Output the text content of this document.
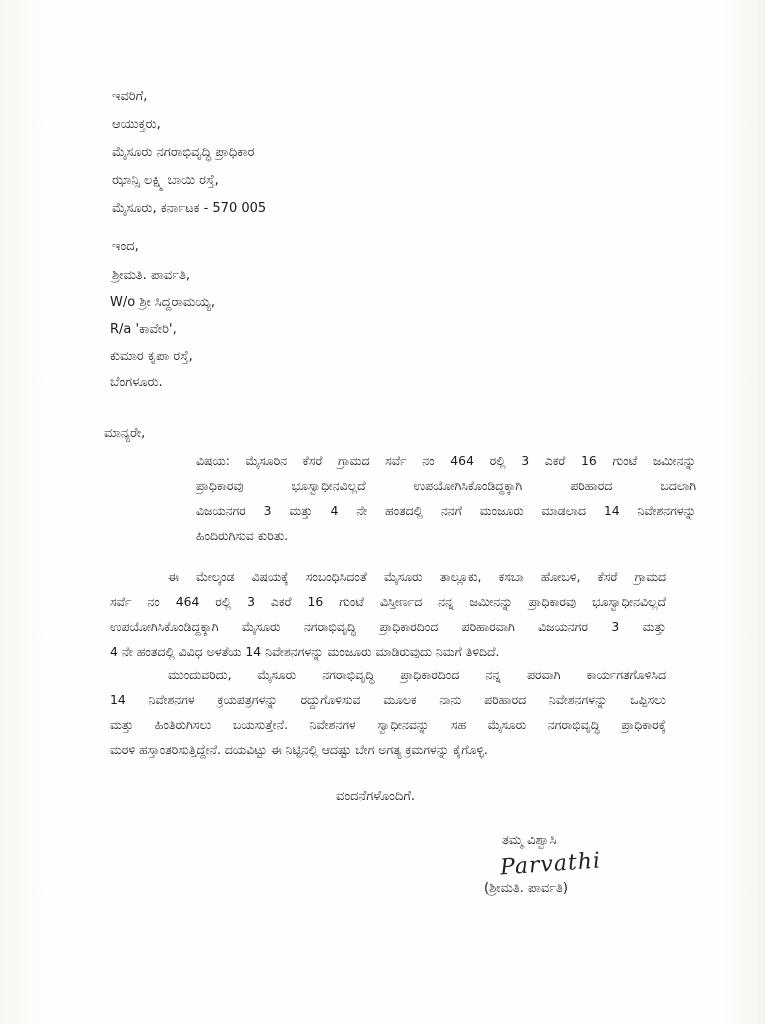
ಇವರಿಗೆ,
ಆಯುಕ್ತರು,
ಮೈಸೂರು ನಗರಾಭಿವೃದ್ಧಿ ಪ್ರಾಧಿಕಾರ
ಝಾನ್ಸಿ ಲಕ್ಷ್ಮಿ ಬಾಯಿ ರಸ್ತೆ,
ಮೈಸೂರು, ಕರ್ನಾಟಕ - 570 005
ಇಂದ,
ಶ್ರೀಮತಿ. ಪಾರ್ವತಿ,
W/o ಶ್ರೀ ಸಿದ್ದರಾಮಯ್ಯ,
R/a 'ಕಾವೇರಿ',
ಕುಮಾರ ಕೃಪಾ ರಸ್ತೆ,
ಬೆಂಗಳೂರು.
ಮಾನ್ಯರೇ,
ವಿಷಯ: ಮೈಸೂರಿನ ಕೆಸರೆ ಗ್ರಾಮದ ಸರ್ವೆ ನಂ 464 ರಲ್ಲಿ 3 ಎಕರೆ 16 ಗುಂಟೆ ಜಮೀನನ್ನು
ಪ್ರಾಧಿಕಾರವು ಭೂಸ್ವಾಧೀನವಿಲ್ಲದೆ ಉಪಯೋಗಿಸಿಕೊಂಡಿದ್ದಕ್ಕಾಗಿ ಪರಿಹಾರದ ಬದಲಾಗಿ
ವಿಜಯನಗರ 3 ಮತ್ತು 4 ನೇ ಹಂತದಲ್ಲಿ ನನಗೆ ಮಂಜೂರು ಮಾಡಲಾದ 14 ನಿವೇಶನಗಳನ್ನು
ಹಿಂದಿರುಗಿಸುವ ಕುರಿತು.
ಈ ಮೇಲ್ಕಂಡ ವಿಷಯಕ್ಕೆ ಸಂಬಂಧಿಸಿದಂತೆ ಮೈಸೂರು ತಾಲ್ಲೂಕು, ಕಸಬಾ ಹೋಬಳಿ, ಕೆಸರೆ ಗ್ರಾಮದ
ಸರ್ವೆ ನಂ 464 ರಲ್ಲಿ 3 ಎಕರೆ 16 ಗುಂಟೆ ವಿಸ್ತೀರ್ಣದ ನನ್ನ ಜಮೀನನ್ನು ಪ್ರಾಧಿಕಾರವು ಭೂಸ್ವಾಧೀನವಿಲ್ಲದೆ
ಉಪಯೋಗಿಸಿಕೊಂಡಿದ್ದಕ್ಕಾಗಿ ಮೈಸೂರು ನಗರಾಭಿವೃದ್ಧಿ ಪ್ರಾಧಿಕಾರದಿಂದ ಪರಿಹಾರವಾಗಿ ವಿಜಯನಗರ 3 ಮತ್ತು
4 ನೇ ಹಂತದಲ್ಲಿ ವಿವಿಧ ಅಳತೆಯ 14 ನಿವೇಶನಗಳನ್ನು ಮಂಜೂರು ಮಾಡಿರುವುದು ನಿಮಗೆ ತಿಳಿದಿದೆ.
ಮುಂದುವರಿದು, ಮೈಸೂರು ನಗರಾಭಿವೃದ್ಧಿ ಪ್ರಾಧಿಕಾರದಿಂದ ನನ್ನ ಪರವಾಗಿ ಕಾರ್ಯಗತಗೊಳಿಸಿದ
14 ನಿವೇಶನಗಳ ಕ್ರಯಪತ್ರಗಳನ್ನು ರದ್ದುಗೊಳಿಸುವ ಮೂಲಕ ನಾನು ಪರಿಹಾರದ ನಿವೇಶನಗಳನ್ನು ಒಪ್ಪಿಸಲು
ಮತ್ತು ಹಿಂತಿರುಗಿಸಲು ಬಯಸುತ್ತೇನೆ. ನಿವೇಶನಗಳ ಸ್ವಾಧೀನವನ್ನು ಸಹ ಮೈಸೂರು ನಗರಾಭಿವೃದ್ಧಿ ಪ್ರಾಧಿಕಾರಕ್ಕೆ
ಮರಳಿ ಹಸ್ತಾಂತರಿಸುತ್ತಿದ್ದೇನೆ. ದಯವಿಟ್ಟು ಈ ನಿಟ್ಟಿನಲ್ಲಿ ಆದಷ್ಟು ಬೇಗ ಅಗತ್ಯ ಕ್ರಮಗಳನ್ನು ಕೈಗೊಳ್ಳಿ.
ವಂದನೆಗಳೊಂದಿಗೆ.
ತಮ್ಮ ವಿಶ್ವಾಸಿ
Parvathi
(ಶ್ರೀಮತಿ. ಪಾರ್ವತಿ)
